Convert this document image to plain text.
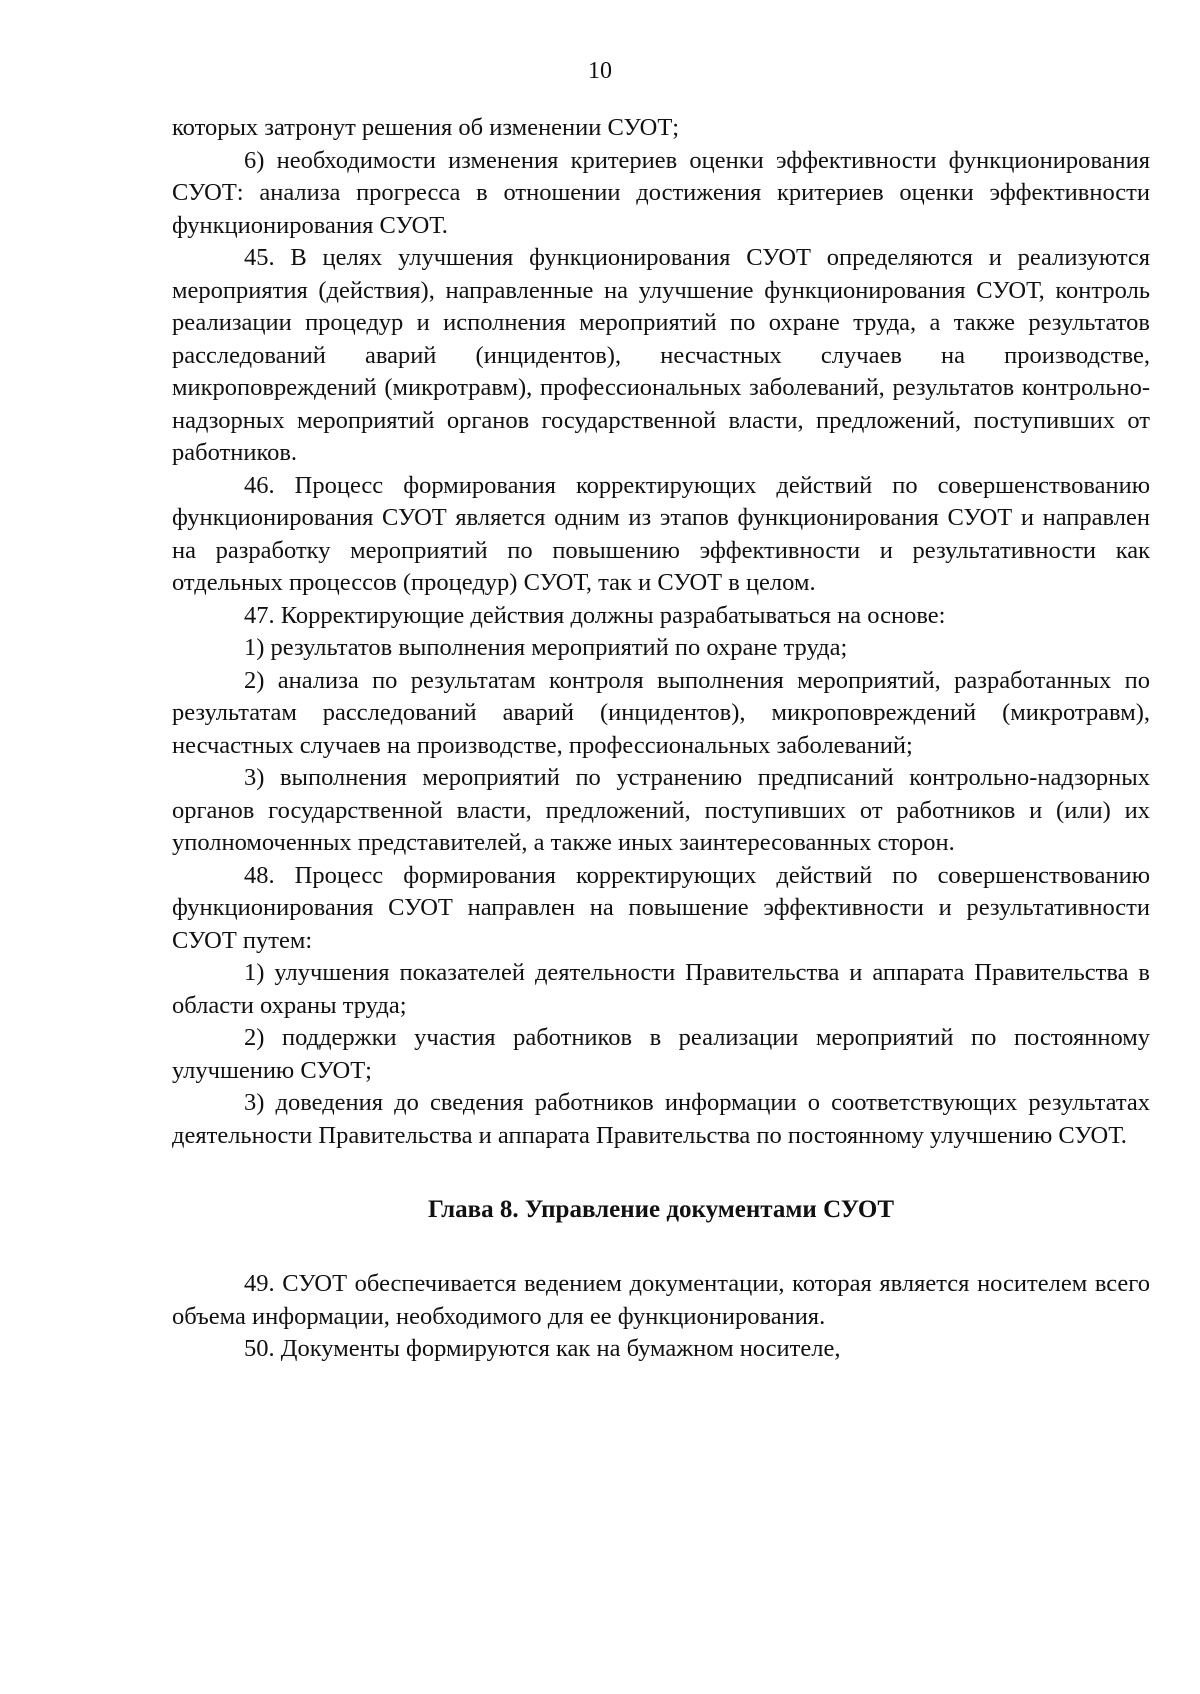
10

которых затронут решения об изменении СУОТ;

6) необходимости изменения критериев оценки эффективности функционирования СУОТ: анализа прогресса в отношении достижения критериев оценки эффективности функционирования СУОТ.

45. В целях улучшения функционирования СУОТ определяются и реализуются мероприятия (действия), направленные на улучшение функционирования СУОТ, контроль реализации процедур и исполнения мероприятий по охране труда, а также результатов расследований аварий (инцидентов), несчастных случаев на производстве, микроповреждений (микротравм), профессиональных заболеваний, результатов контрольно-надзорных мероприятий органов государственной власти, предложений, поступивших от работников.

46. Процесс формирования корректирующих действий по совершенствованию функционирования СУОТ является одним из этапов функционирования СУОТ и направлен на разработку мероприятий по повышению эффективности и результативности как отдельных процессов (процедур) СУОТ, так и СУОТ в целом.

47. Корректирующие действия должны разрабатываться на основе:

1) результатов выполнения мероприятий по охране труда;

2) анализа по результатам контроля выполнения мероприятий, разработанных по результатам расследований аварий (инцидентов), микроповреждений (микротравм), несчастных случаев на производстве, профессиональных заболеваний;

3) выполнения мероприятий по устранению предписаний контрольно-надзорных органов государственной власти, предложений, поступивших от работников и (или) их уполномоченных представителей, а также иных заинтересованных сторон.

48. Процесс формирования корректирующих действий по совершенствованию функционирования СУОТ направлен на повышение эффективности и результативности СУОТ путем:

1) улучшения показателей деятельности Правительства и аппарата Правительства в области охраны труда;

2) поддержки участия работников в реализации мероприятий по постоянному улучшению СУОТ;

3) доведения до сведения работников информации о соответствующих результатах деятельности Правительства и аппарата Правительства по постоянному улучшению СУОТ.

Глава 8. Управление документами СУОТ

49. СУОТ обеспечивается ведением документации, которая является носителем всего объема информации, необходимого для ее функционирования.

50. Документы формируются как на бумажном носителе,
